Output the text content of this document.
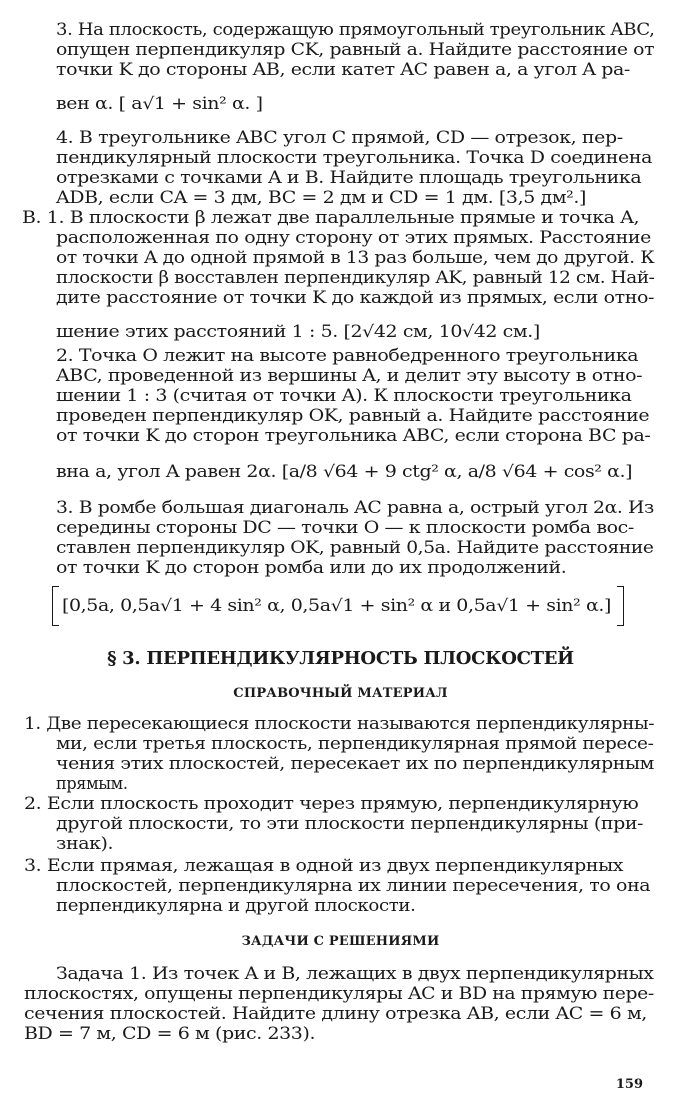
3. На плоскость, содержащую прямоугольный треугольник ABC,
опущен перпендикуляр CK, равный a. Найдите расстояние от
точки K до стороны AB, если катет AC равен a, а угол A ра-
вен α. [ a√1 + sin² α. ]
4. В треугольнике ABC угол C прямой, CD — отрезок, пер-
пендикулярный плоскости треугольника. Точка D соединена
отрезками с точками A и B. Найдите площадь треугольника
ADB, если CA = 3 дм, BC = 2 дм и CD = 1 дм. [3,5 дм².]
B. 1. В плоскости β лежат две параллельные прямые и точка A,
расположенная по одну сторону от этих прямых. Расстояние
от точки A до одной прямой в 13 раз больше, чем до другой. К
плоскости β восставлен перпендикуляр AK, равный 12 см. Най-
дите расстояние от точки K до каждой из прямых, если отно-
шение этих расстояний 1 : 5. [2√42 см, 10√42 см.]
2. Точка O лежит на высоте равнобедренного треугольника
ABC, проведенной из вершины A, и делит эту высоту в отно-
шении 1 : 3 (считая от точки A). К плоскости треугольника
проведен перпендикуляр OK, равный a. Найдите расстояние
от точки K до сторон треугольника ABC, если сторона BC ра-
вна a, угол A равен 2α. [a/8 √64 + 9 ctg² α, a/8 √64 + cos² α.]
3. В ромбе большая диагональ AC равна a, острый угол 2α. Из
середины стороны DC — точки O — к плоскости ромба вос-
ставлен перпендикуляр OK, равный 0,5a. Найдите расстояние
от точки K до сторон ромба или до их продолжений.
[0,5a, 0,5a√1 + 4 sin² α, 0,5a√1 + sin² α и 0,5a√1 + sin² α.]
1. Две пересекающиеся плоскости называются перпендикулярны-
ми, если третья плоскость, перпендикулярная прямой пересе-
чения этих плоскостей, пересекает их по перпендикулярным
прямым.
2. Если плоскость проходит через прямую, перпендикулярную
другой плоскости, то эти плоскости перпендикулярны (при-
знак).
3. Если прямая, лежащая в одной из двух перпендикулярных
плоскостей, перпендикулярна их линии пересечения, то она
перпендикулярна и другой плоскости.
Задача 1. Из точек A и B, лежащих в двух перпендикулярных
плоскостях, опущены перпендикуляры AC и BD на прямую пере-
сечения плоскостей. Найдите длину отрезка AB, если AC = 6 м,
BD = 7 м, CD = 6 м (рис. 233).
§ 3. ПЕРПЕНДИКУЛЯРНОСТЬ ПЛОСКОСТЕЙ
СПРАВОЧНЫЙ МАТЕРИАЛ
ЗАДАЧИ С РЕШЕНИЯМИ
159
